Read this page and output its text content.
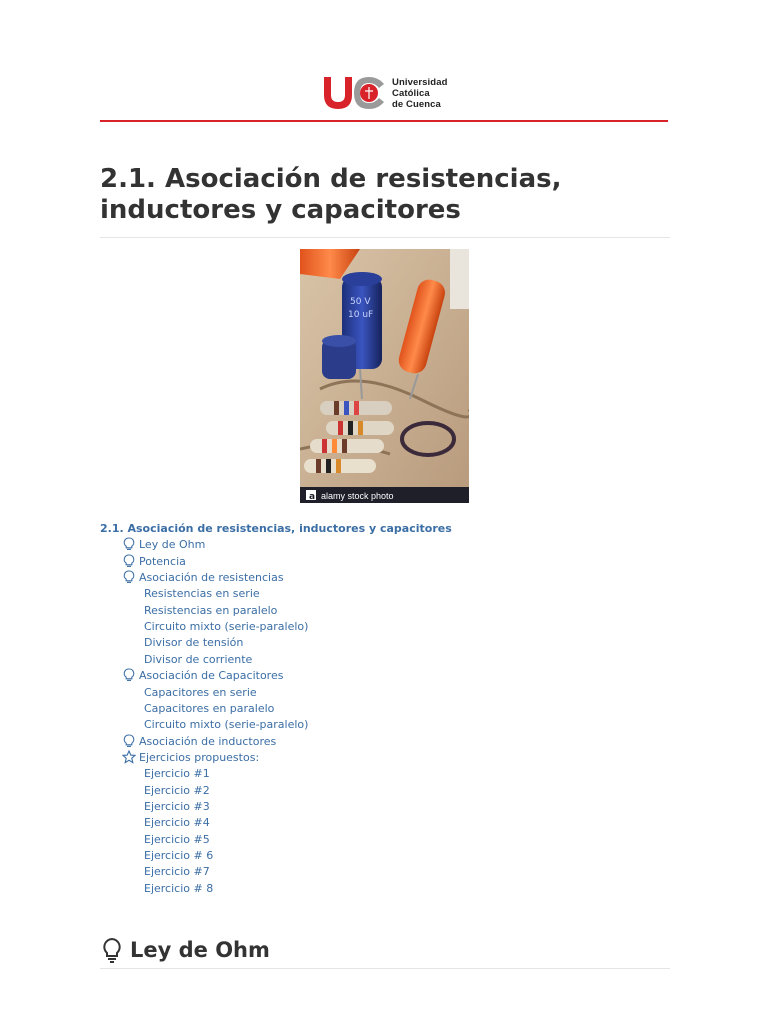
Universidad
Católica
de Cuenca
2.1. Asociación de resistencias, inductores y capacitores
50 V
10 uF
a alamy stock photo
2.1. Asociación de resistencias, inductores y capacitores
Ley de Ohm
Potencia
Asociación de resistencias
Resistencias en serie
Resistencias en paralelo
Circuito mixto (serie-paralelo)
Divisor de tensión
Divisor de corriente
Asociación de Capacitores
Capacitores en serie
Capacitores en paralelo
Circuito mixto (serie-paralelo)
Asociación de inductores
Ejercicios propuestos:
Ejercicio #1
Ejercicio #2
Ejercicio #3
Ejercicio #4
Ejercicio #5
Ejercicio # 6
Ejercicio #7
Ejercicio # 8
Ley de Ohm
